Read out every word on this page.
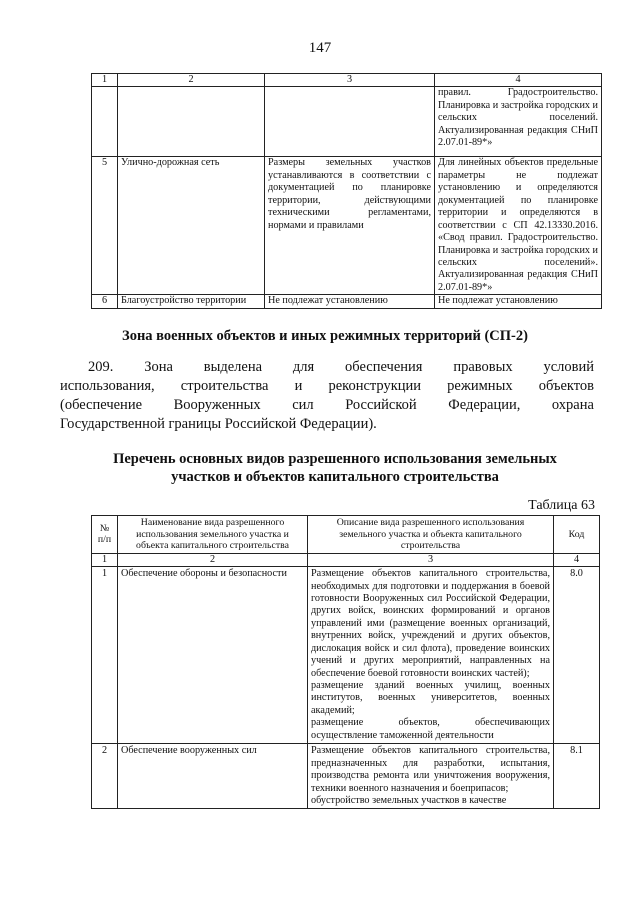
147
1	2	3	4
			правил. Градостроительство. Планировка и застройка городских и сельских поселений. Актуализированная редакция СНиП 2.07.01-89*»
5	Улично-дорожная сеть	Размеры земельных участков устанавливаются в соответствии с документацией по планировке территории, действующими техническими регламентами, нормами и правилами	Для линейных объектов предельные параметры не подлежат установлению и определяются документацией по планировке территории и определяются в соответствии с СП 42.13330.2016. «Свод правил. Градостроительство. Планировка и застройка городских и сельских поселений». Актуализированная редакция СНиП 2.07.01-89*»
6	Благоустройство территории	Не подлежат установлению	Не подлежат установлению
Зона военных объектов и иных режимных территорий (СП-2)
209. Зона выделена для обеспечения правовых условий
использования, строительства и реконструкции режимных объектов
(обеспечение Вооруженных сил Российской Федерации, охрана
Государственной границы Российской Федерации).
Перечень основных видов разрешенного использования земельных
участков и объектов капитального строительства
Таблица 63
№
п/п	Наименование вида разрешенного
использования земельного участка и
объекта капитального строительства	Описание вида разрешенного использования
земельного участка и объекта капитального
строительства	Код
1	2	3	4
1	Обеспечение обороны и безопасности	Размещение объектов капитального строительства, необходимых для подготовки и поддержания в боевой готовности Вооруженных сил Российской Федерации, других войск, воинских формирований и органов управлений ими (размещение военных организаций, внутренних войск, учреждений и других объектов, дислокация войск и сил флота), проведение воинских учений и других мероприятий, направленных на обеспечение боевой готовности воинских частей);
размещение зданий военных училищ, военных институтов, военных университетов, военных академий;
размещение объектов, обеспечивающих осуществление таможенной деятельности	8.0
2	Обеспечение вооруженных сил	Размещение объектов капитального строительства, предназначенных для разработки, испытания, производства ремонта или уничтожения вооружения, техники военного назначения и боеприпасов;
обустройство земельных участков в качестве	8.1
